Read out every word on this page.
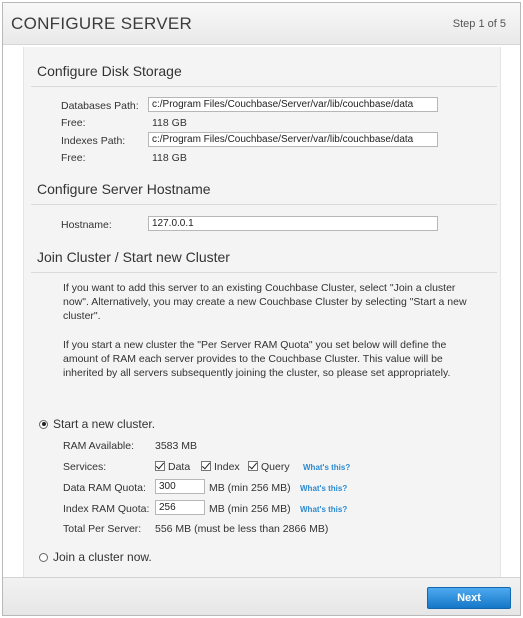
CONFIGURE SERVER	Step 1 of 5
Configure Disk Storage
Databases Path:
c:/Program Files/Couchbase/Server/var/lib/couchbase/data
Free:	118 GB
Indexes Path:
c:/Program Files/Couchbase/Server/var/lib/couchbase/data
Free:	118 GB
Configure Server Hostname
Hostname:
127.0.0.1
Join Cluster / Start new Cluster
If you want to add this server to an existing Couchbase Cluster, select "Join a cluster now". Alternatively, you may create a new Couchbase Cluster by selecting "Start a new cluster".
If you start a new cluster the "Per Server RAM Quota" you set below will define the amount of RAM each server provides to the Couchbase Cluster. This value will be inherited by all servers subsequently joining the cluster, so please set appropriately.
Start a new cluster.
RAM Available: 3583 MB
Services:	Data Index Query What's this?
Data RAM Quota:
300	MB (min 256 MB) What's this?
Index RAM Quota:
256	MB (min 256 MB) What's this?
Total Per Server: 556 MB (must be less than 2866 MB)
Join a cluster now.
Next
